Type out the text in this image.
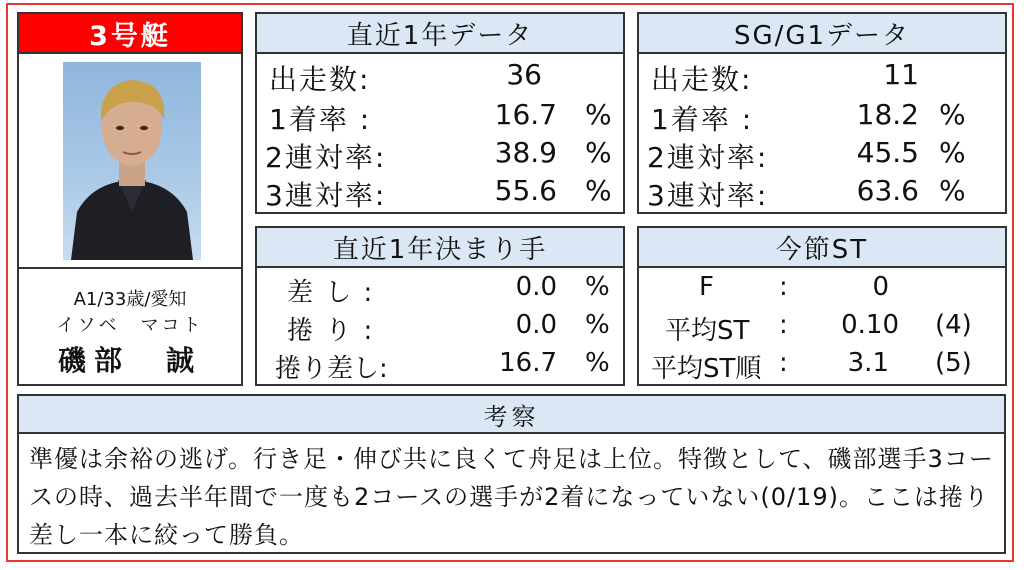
3号艇
A1/33歳/愛知
イソベ　マコト
磯部　誠
直近1年データ
出走数:	36
1着率 :	16.7 %
2連対率:	38.9 %
3連対率:	55.6 %
SG/G1データ
出走数:	11
1着率 :	18.2 %
2連対率:	45.5 %
3連対率:	63.6 %
直近1年決まり手
差 し :	0.0 %
捲 り :	0.0 %
捲り差し:	16.7 %
今節ST
F	:	0
平均ST :	0.10 (4)
平均ST順 :	3.1 (5)
考察
準優は余裕の逃げ。行き足・伸び共に良くて舟足は上位。特徴として、磯部選手3コースの時、過去半年間で一度も2コースの選手が2着になっていない(0/19)。ここは捲り差し一本に絞って勝負。
